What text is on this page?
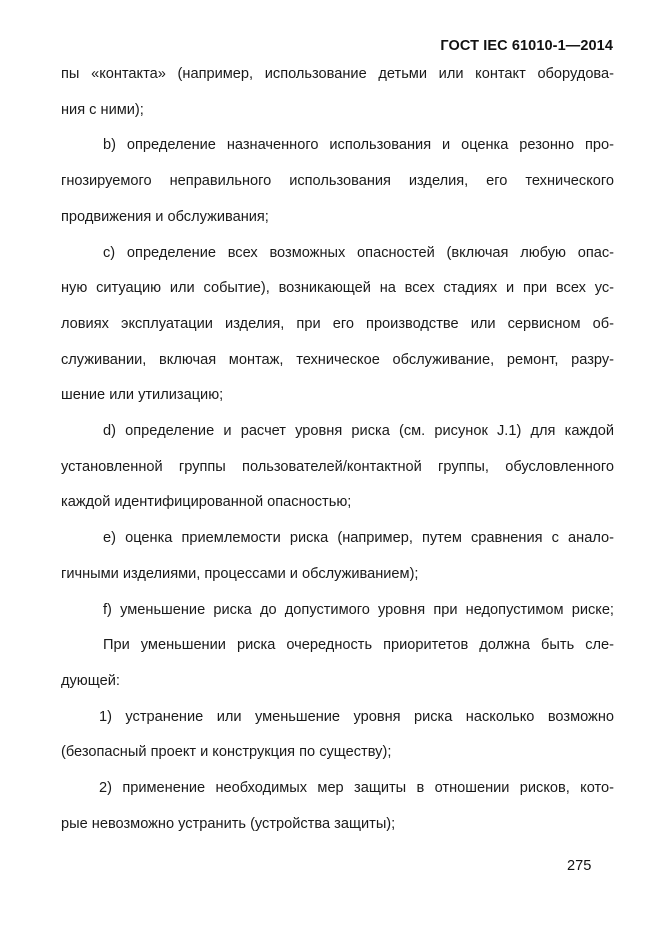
ГОСТ IEC 61010-1—2014
пы «контакта» (например, использование детьми или контакт оборудова-
ния с ними);
b) определение назначенного использования и оценка резонно про-
гнозируемого неправильного использования изделия, его технического
продвижения и обслуживания;
c) определение всех возможных опасностей (включая любую опас-
ную ситуацию или событие), возникающей на всех стадиях и при всех ус-
ловиях эксплуатации изделия, при его производстве или сервисном об-
служивании, включая монтаж, техническое обслуживание, ремонт, разру-
шение или утилизацию;
d) определение и расчет уровня риска (см. рисунок J.1) для каждой
установленной группы пользователей/контактной группы, обусловленного
каждой идентифицированной опасностью;
e) оценка приемлемости риска (например, путем сравнения с анало-
гичными изделиями, процессами и обслуживанием);
f) уменьшение риска до допустимого уровня при недопустимом риске;
При уменьшении риска очередность приоритетов должна быть сле-
дующей:
1) устранение или уменьшение уровня риска насколько возможно
(безопасный проект и конструкция по существу);
2) применение необходимых мер защиты в отношении рисков, кото-
рые невозможно устранить (устройства защиты);
275
